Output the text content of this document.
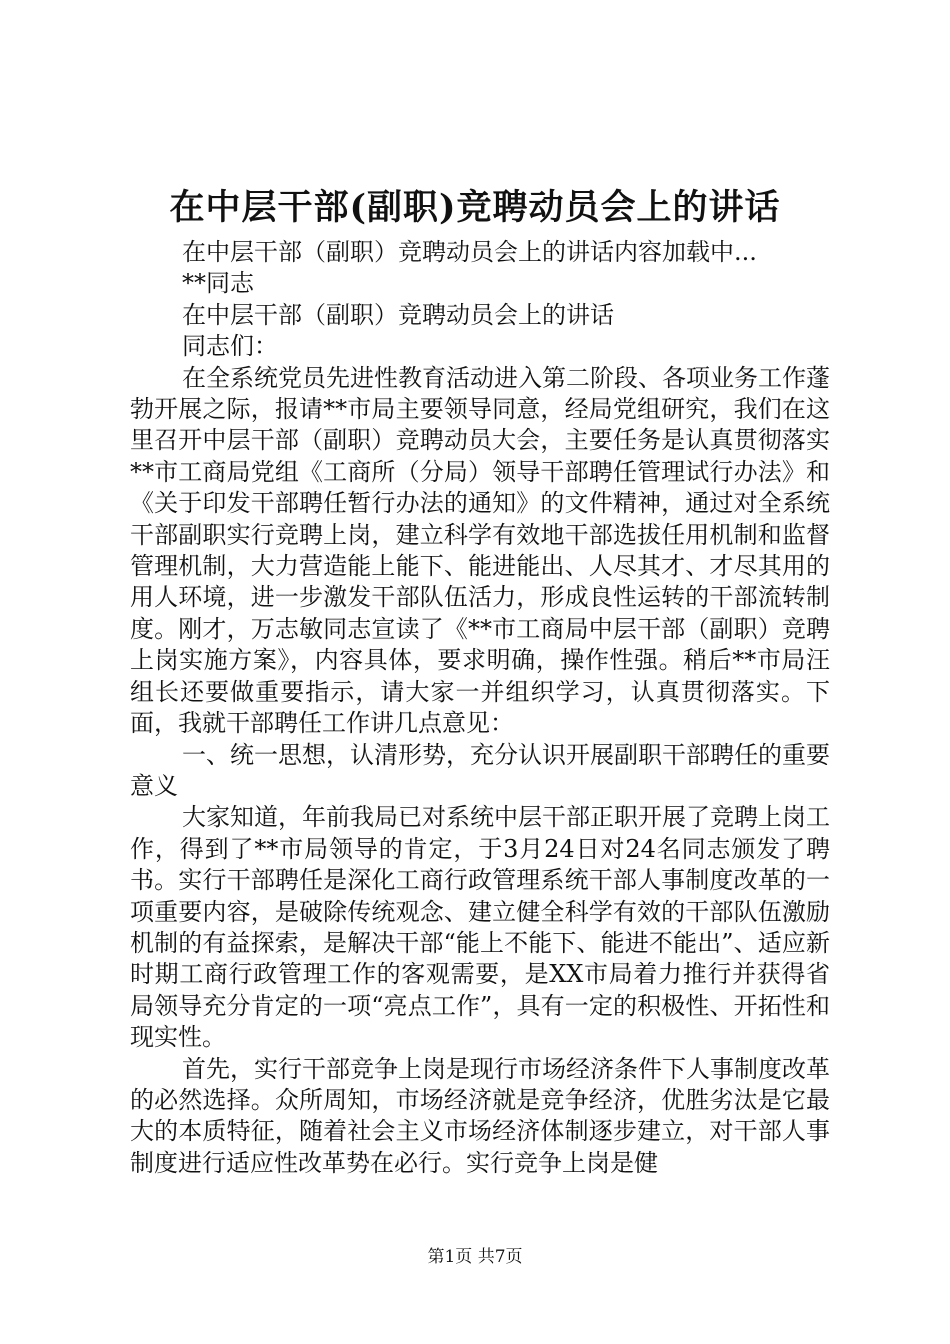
在中层干部(副职)竞聘动员会上的讲话

在中层干部（副职）竞聘动员会上的讲话内容加载中...

**同志

在中层干部（副职）竞聘动员会上的讲话

同志们：

在全系统党员先进性教育活动进入第二阶段、各项业务工作蓬勃开展之际，报请**市局主要领导同意，经局党组研究，我们在这里召开中层干部（副职）竞聘动员大会，主要任务是认真贯彻落实**市工商局党组《工商所（分局）领导干部聘任管理试行办法》和《关于印发干部聘任暂行办法的通知》的文件精神，通过对全系统干部副职实行竞聘上岗，建立科学有效地干部选拔任用机制和监督管理机制，大力营造能上能下、能进能出、人尽其才、才尽其用的用人环境，进一步激发干部队伍活力，形成良性运转的干部流转制度。刚才，万志敏同志宣读了《**市工商局中层干部（副职）竞聘上岗实施方案》，内容具体，要求明确，操作性强。稍后**市局汪组长还要做重要指示，请大家一并组织学习，认真贯彻落实。下面，我就干部聘任工作讲几点意见：

一、统一思想，认清形势，充分认识开展副职干部聘任的重要意义

大家知道，年前我局已对系统中层干部正职开展了竞聘上岗工作，得到了**市局领导的肯定，于3月24日对24名同志颁发了聘书。实行干部聘任是深化工商行政管理系统干部人事制度改革的一项重要内容，是破除传统观念、建立健全科学有效的干部队伍激励机制的有益探索，是解决干部“能上不能下、能进不能出”、适应新时期工商行政管理工作的客观需要，是XX市局着力推行并获得省局领导充分肯定的一项“亮点工作”，具有一定的积极性、开拓性和现实性。

首先，实行干部竞争上岗是现行市场经济条件下人事制度改革的必然选择。众所周知，市场经济就是竞争经济，优胜劣汰是它最大的本质特征，随着社会主义市场经济体制逐步建立，对干部人事制度进行适应性改革势在必行。实行竞争上岗是健

第1页 共7页
